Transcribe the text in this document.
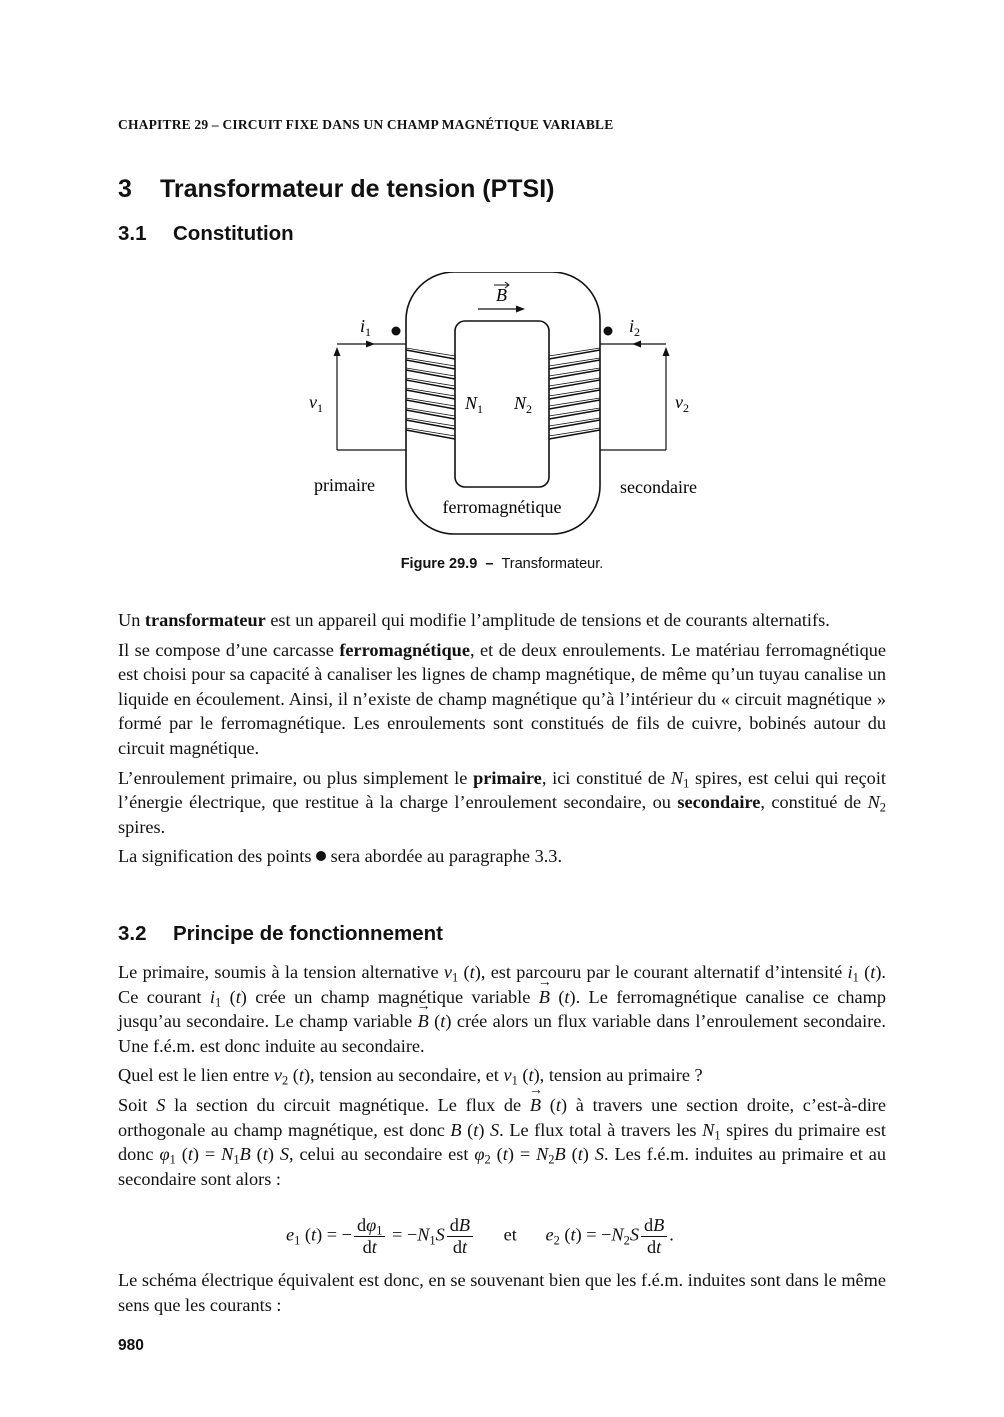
CHAPITRE 29 – CIRCUIT FIXE DANS UN CHAMP MAGNÉTIQUE VARIABLE
3 Transformateur de tension (PTSI)
3.1 Constitution
B
$i_1$
$v_1$
$i_2$
$v_2$
$N_1$ $N_2$
primaire	secondaire
ferromagnétique
Figure 29.9 – Transformateur.

Un transformateur est un appareil qui modifie l’amplitude de tensions et de courants alternatifs.

Il se compose d’une carcasse ferromagnétique, et de deux enroulements. Le matériau ferromagnétique est choisi pour sa capacité à canaliser les lignes de champ magnétique, de même qu’un tuyau canalise un liquide en écoulement. Ainsi, il n’existe de champ magnétique qu’à l’intérieur du « circuit magnétique » formé par le ferromagnétique. Les enroulements sont constitués de fils de cuivre, bobinés autour du circuit magnétique.

L’enroulement primaire, ou plus simplement le primaire, ici constitué de $N_1$ spires, est celui qui reçoit l’énergie électrique, que restitue à la charge l’enroulement secondaire, ou secondaire, constitué de $N_2$ spires.

La signification des points  sera abordée au paragraphe 3.3.

3.2 Principe de fonctionnement

Le primaire, soumis à la tension alternative $v_1$ (t), est parcouru par le courant alternatif d’intensité $i_1$ (t). Ce courant $i_1$ (t) crée un champ magnétique variable → B (t). Le ferromagnétique canalise ce champ jusqu’au secondaire. Le champ variable → B (t) crée alors un flux variable dans l’enroulement secondaire. Une f.é.m. est donc induite au secondaire.

Quel est le lien entre $v_2$ (t), tension au secondaire, et $v_1$ (t), tension au primaire ?

Soit S la section du circuit magnétique. Le flux de → B (t) à travers une section droite, c’est-à-dire orthogonale au champ magnétique, est donc B (t) S. Le flux total à travers les $N_1$ spires du primaire est donc $\varphi_1$ $(t) = N_1B$ (t) S, celui au secondaire est $\varphi_2$ $(t) = N_2B$ (t) S. Les f.é.m. induites au primaire et au secondaire sont alors :

$e_1$ (t) = − $\frac{d\varphi_1}{dt} = -N_1S \frac{dB}{dt}$ et $e_2$ $(t) = -N_2S \frac{dB}{dt}$ .

Le schéma électrique équivalent est donc, en se souvenant bien que les f.é.m. induites sont dans le même sens que les courants :

980
